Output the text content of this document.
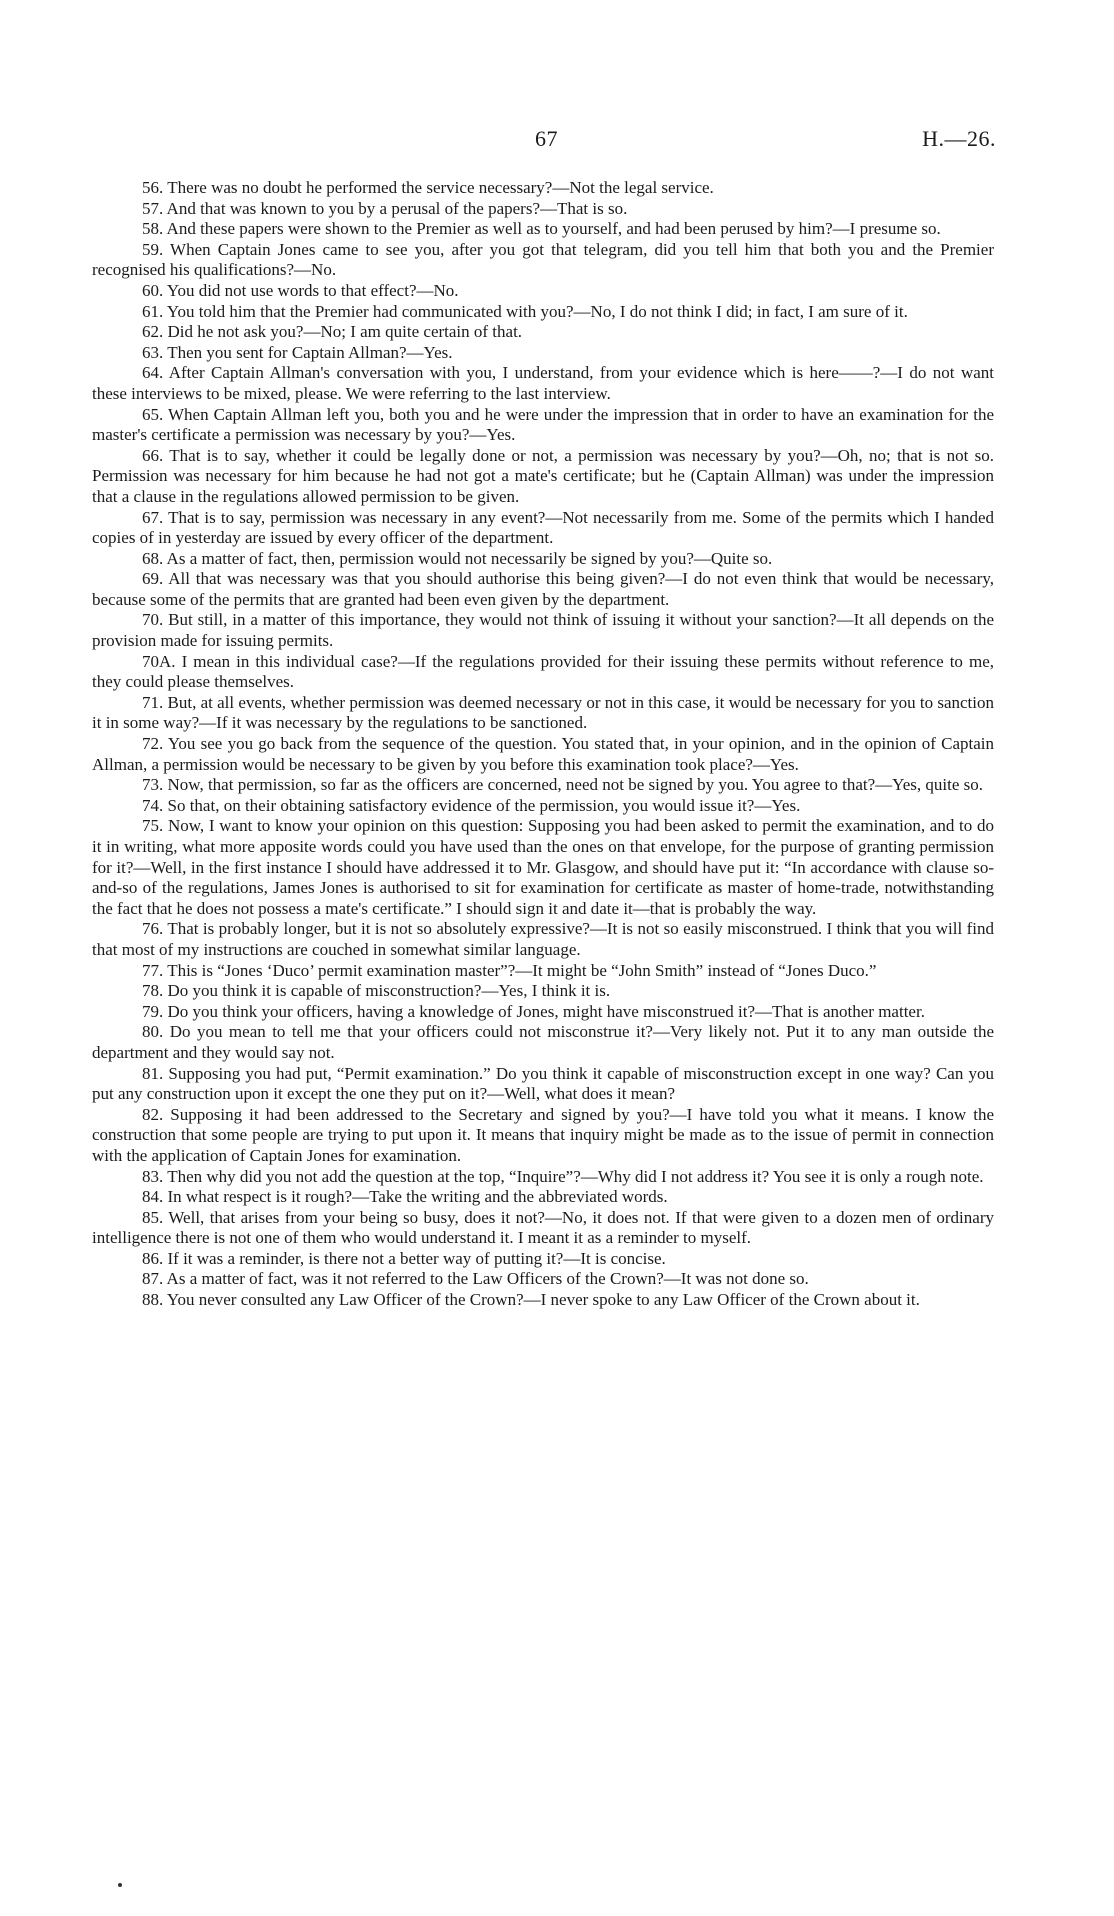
67	H.—26.

56. There was no doubt he performed the service necessary?—Not the legal service.

57. And that was known to you by a perusal of the papers?—That is so.

58. And these papers were shown to the Premier as well as to yourself, and had been perused by him?—I presume so.

59. When Captain Jones came to see you, after you got that telegram, did you tell him that both you and the Premier recognised his qualifications?—No.

60. You did not use words to that effect?—No.

61. You told him that the Premier had communicated with you?—No, I do not think I did; in fact, I am sure of it.

62. Did he not ask you?—No; I am quite certain of that.

63. Then you sent for Captain Allman?—Yes.

64. After Captain Allman's conversation with you, I understand, from your evidence which is here——?—I do not want these interviews to be mixed, please. We were referring to the last interview.

65. When Captain Allman left you, both you and he were under the impression that in order to have an examination for the master's certificate a permission was necessary by you?—Yes.

66. That is to say, whether it could be legally done or not, a permission was necessary by you?—Oh, no; that is not so. Permission was necessary for him because he had not got a mate's certificate; but he (Captain Allman) was under the impression that a clause in the regulations allowed permission to be given.

67. That is to say, permission was necessary in any event?—Not necessarily from me. Some of the permits which I handed copies of in yesterday are issued by every officer of the department.

68. As a matter of fact, then, permission would not necessarily be signed by you?—Quite so.

69. All that was necessary was that you should authorise this being given?—I do not even think that would be necessary, because some of the permits that are granted had been even given by the department.

70. But still, in a matter of this importance, they would not think of issuing it without your sanction?—It all depends on the provision made for issuing permits.

70A. I mean in this individual case?—If the regulations provided for their issuing these permits without reference to me, they could please themselves.

71. But, at all events, whether permission was deemed necessary or not in this case, it would be necessary for you to sanction it in some way?—If it was necessary by the regulations to be sanctioned.

72. You see you go back from the sequence of the question. You stated that, in your opinion, and in the opinion of Captain Allman, a permission would be necessary to be given by you before this examination took place?—Yes.

73. Now, that permission, so far as the officers are concerned, need not be signed by you. You agree to that?—Yes, quite so.

74. So that, on their obtaining satisfactory evidence of the permission, you would issue it?—Yes.

75. Now, I want to know your opinion on this question: Supposing you had been asked to permit the examination, and to do it in writing, what more apposite words could you have used than the ones on that envelope, for the purpose of granting permission for it?—Well, in the first instance I should have addressed it to Mr. Glasgow, and should have put it: “In accordance with clause so-and-so of the regulations, James Jones is authorised to sit for examination for certificate as master of home-trade, notwithstanding the fact that he does not possess a mate's certificate.” I should sign it and date it—that is probably the way.

76. That is probably longer, but it is not so absolutely expressive?—It is not so easily misconstrued. I think that you will find that most of my instructions are couched in somewhat similar language.

77. This is “Jones ‘Duco’ permit examination master”?—It might be “John Smith” instead of “Jones Duco.”

78. Do you think it is capable of misconstruction?—Yes, I think it is.

79. Do you think your officers, having a knowledge of Jones, might have misconstrued it?—That is another matter.

80. Do you mean to tell me that your officers could not misconstrue it?—Very likely not. Put it to any man outside the department and they would say not.

81. Supposing you had put, “Permit examination.” Do you think it capable of misconstruction except in one way? Can you put any construction upon it except the one they put on it?—Well, what does it mean?

82. Supposing it had been addressed to the Secretary and signed by you?—I have told you what it means. I know the construction that some people are trying to put upon it. It means that inquiry might be made as to the issue of permit in connection with the application of Captain Jones for examination.

83. Then why did you not add the question at the top, “Inquire”?—Why did I not address it? You see it is only a rough note.

84. In what respect is it rough?—Take the writing and the abbreviated words.

85. Well, that arises from your being so busy, does it not?—No, it does not. If that were given to a dozen men of ordinary intelligence there is not one of them who would understand it. I meant it as a reminder to myself.

86. If it was a reminder, is there not a better way of putting it?—It is concise.

87. As a matter of fact, was it not referred to the Law Officers of the Crown?—It was not done so.

88. You never consulted any Law Officer of the Crown?—I never spoke to any Law Officer of the Crown about it.
